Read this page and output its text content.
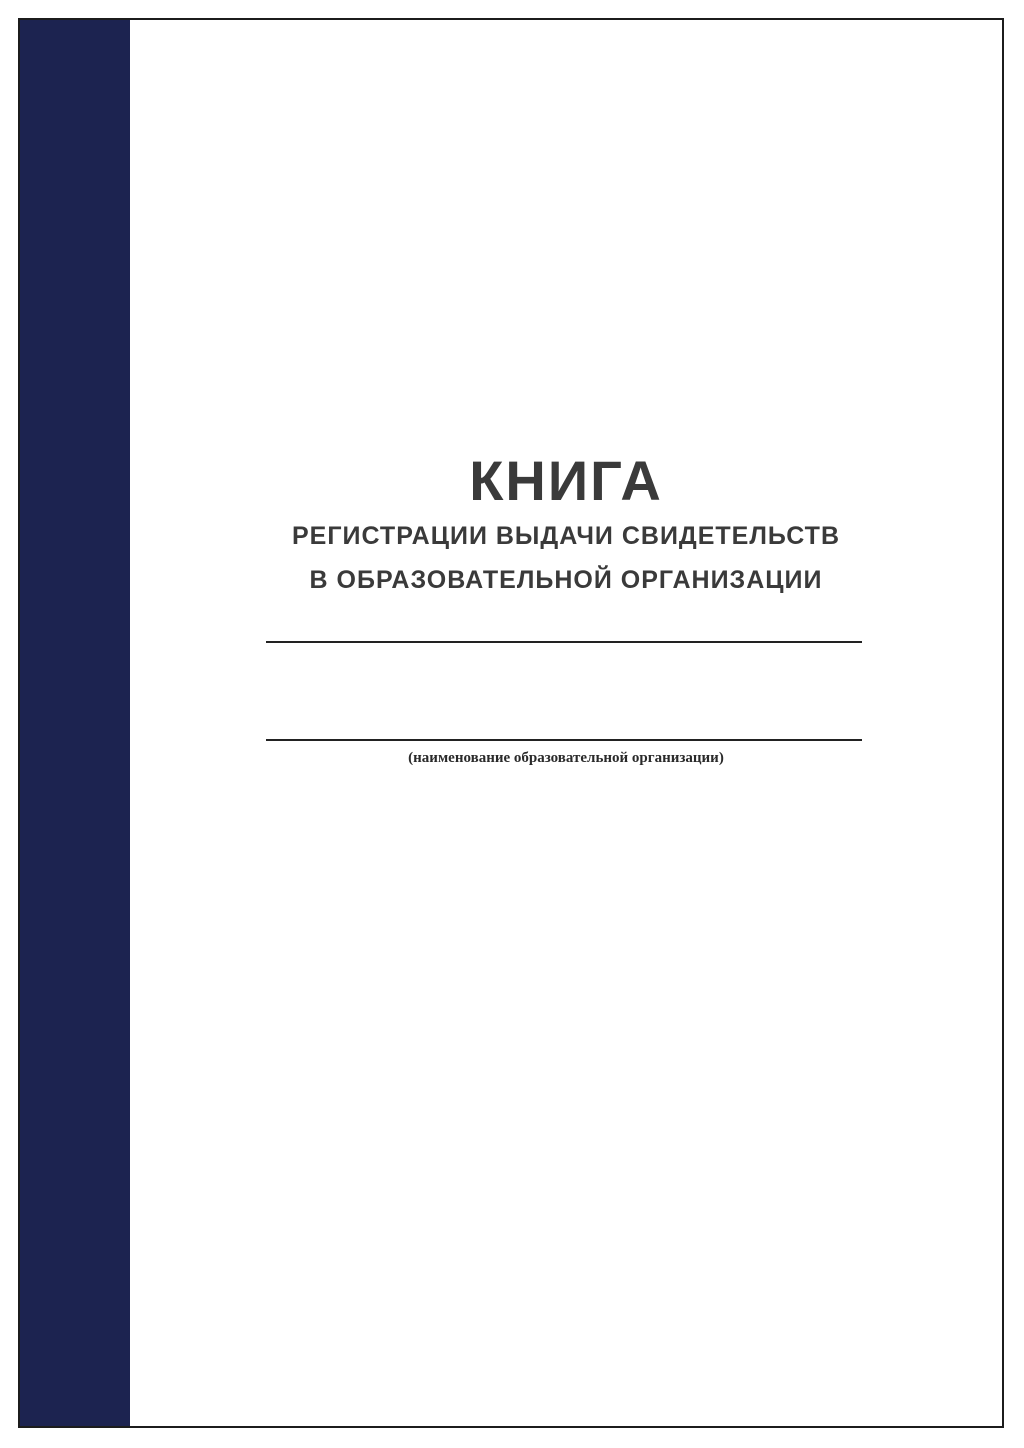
КНИГА
РЕГИСТРАЦИИ ВЫДАЧИ СВИДЕТЕЛЬСТВ
В ОБРАЗОВАТЕЛЬНОЙ ОРГАНИЗАЦИИ
(наименование образовательной организации)
